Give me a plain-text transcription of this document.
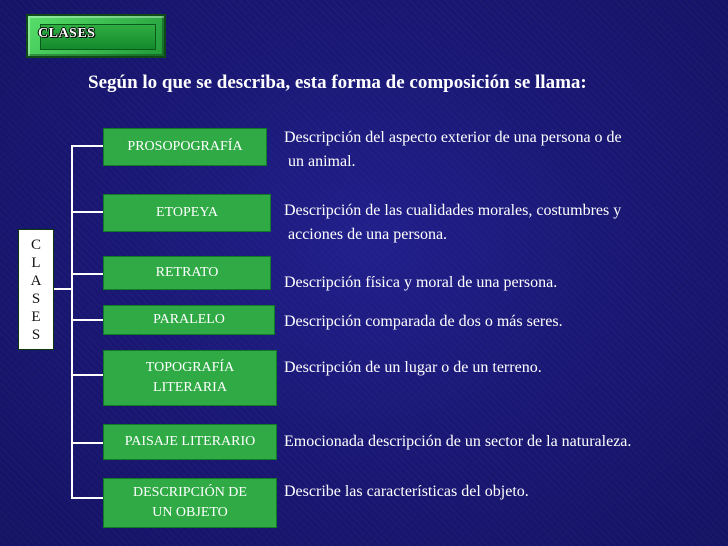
CLASES
Según lo que se describa, esta forma de composición se llama:
C
L
A
S
E
S
PROSOPOGRAFÍA
ETOPEYA
RETRATO
PARALELO
TOPOGRAFÍA
LITERARIA
PAISAJE LITERARIO
DESCRIPCIÓN DE
UN OBJETO
Descripción del aspecto exterior de una persona o de
un animal.
Descripción de las cualidades morales, costumbres y
acciones de una persona.
Descripción física y moral de una persona.
Descripción comparada de dos o más seres.
Descripción de un lugar o de un terreno.
Emocionada descripción de un sector de la naturaleza.
Describe las características del objeto.
